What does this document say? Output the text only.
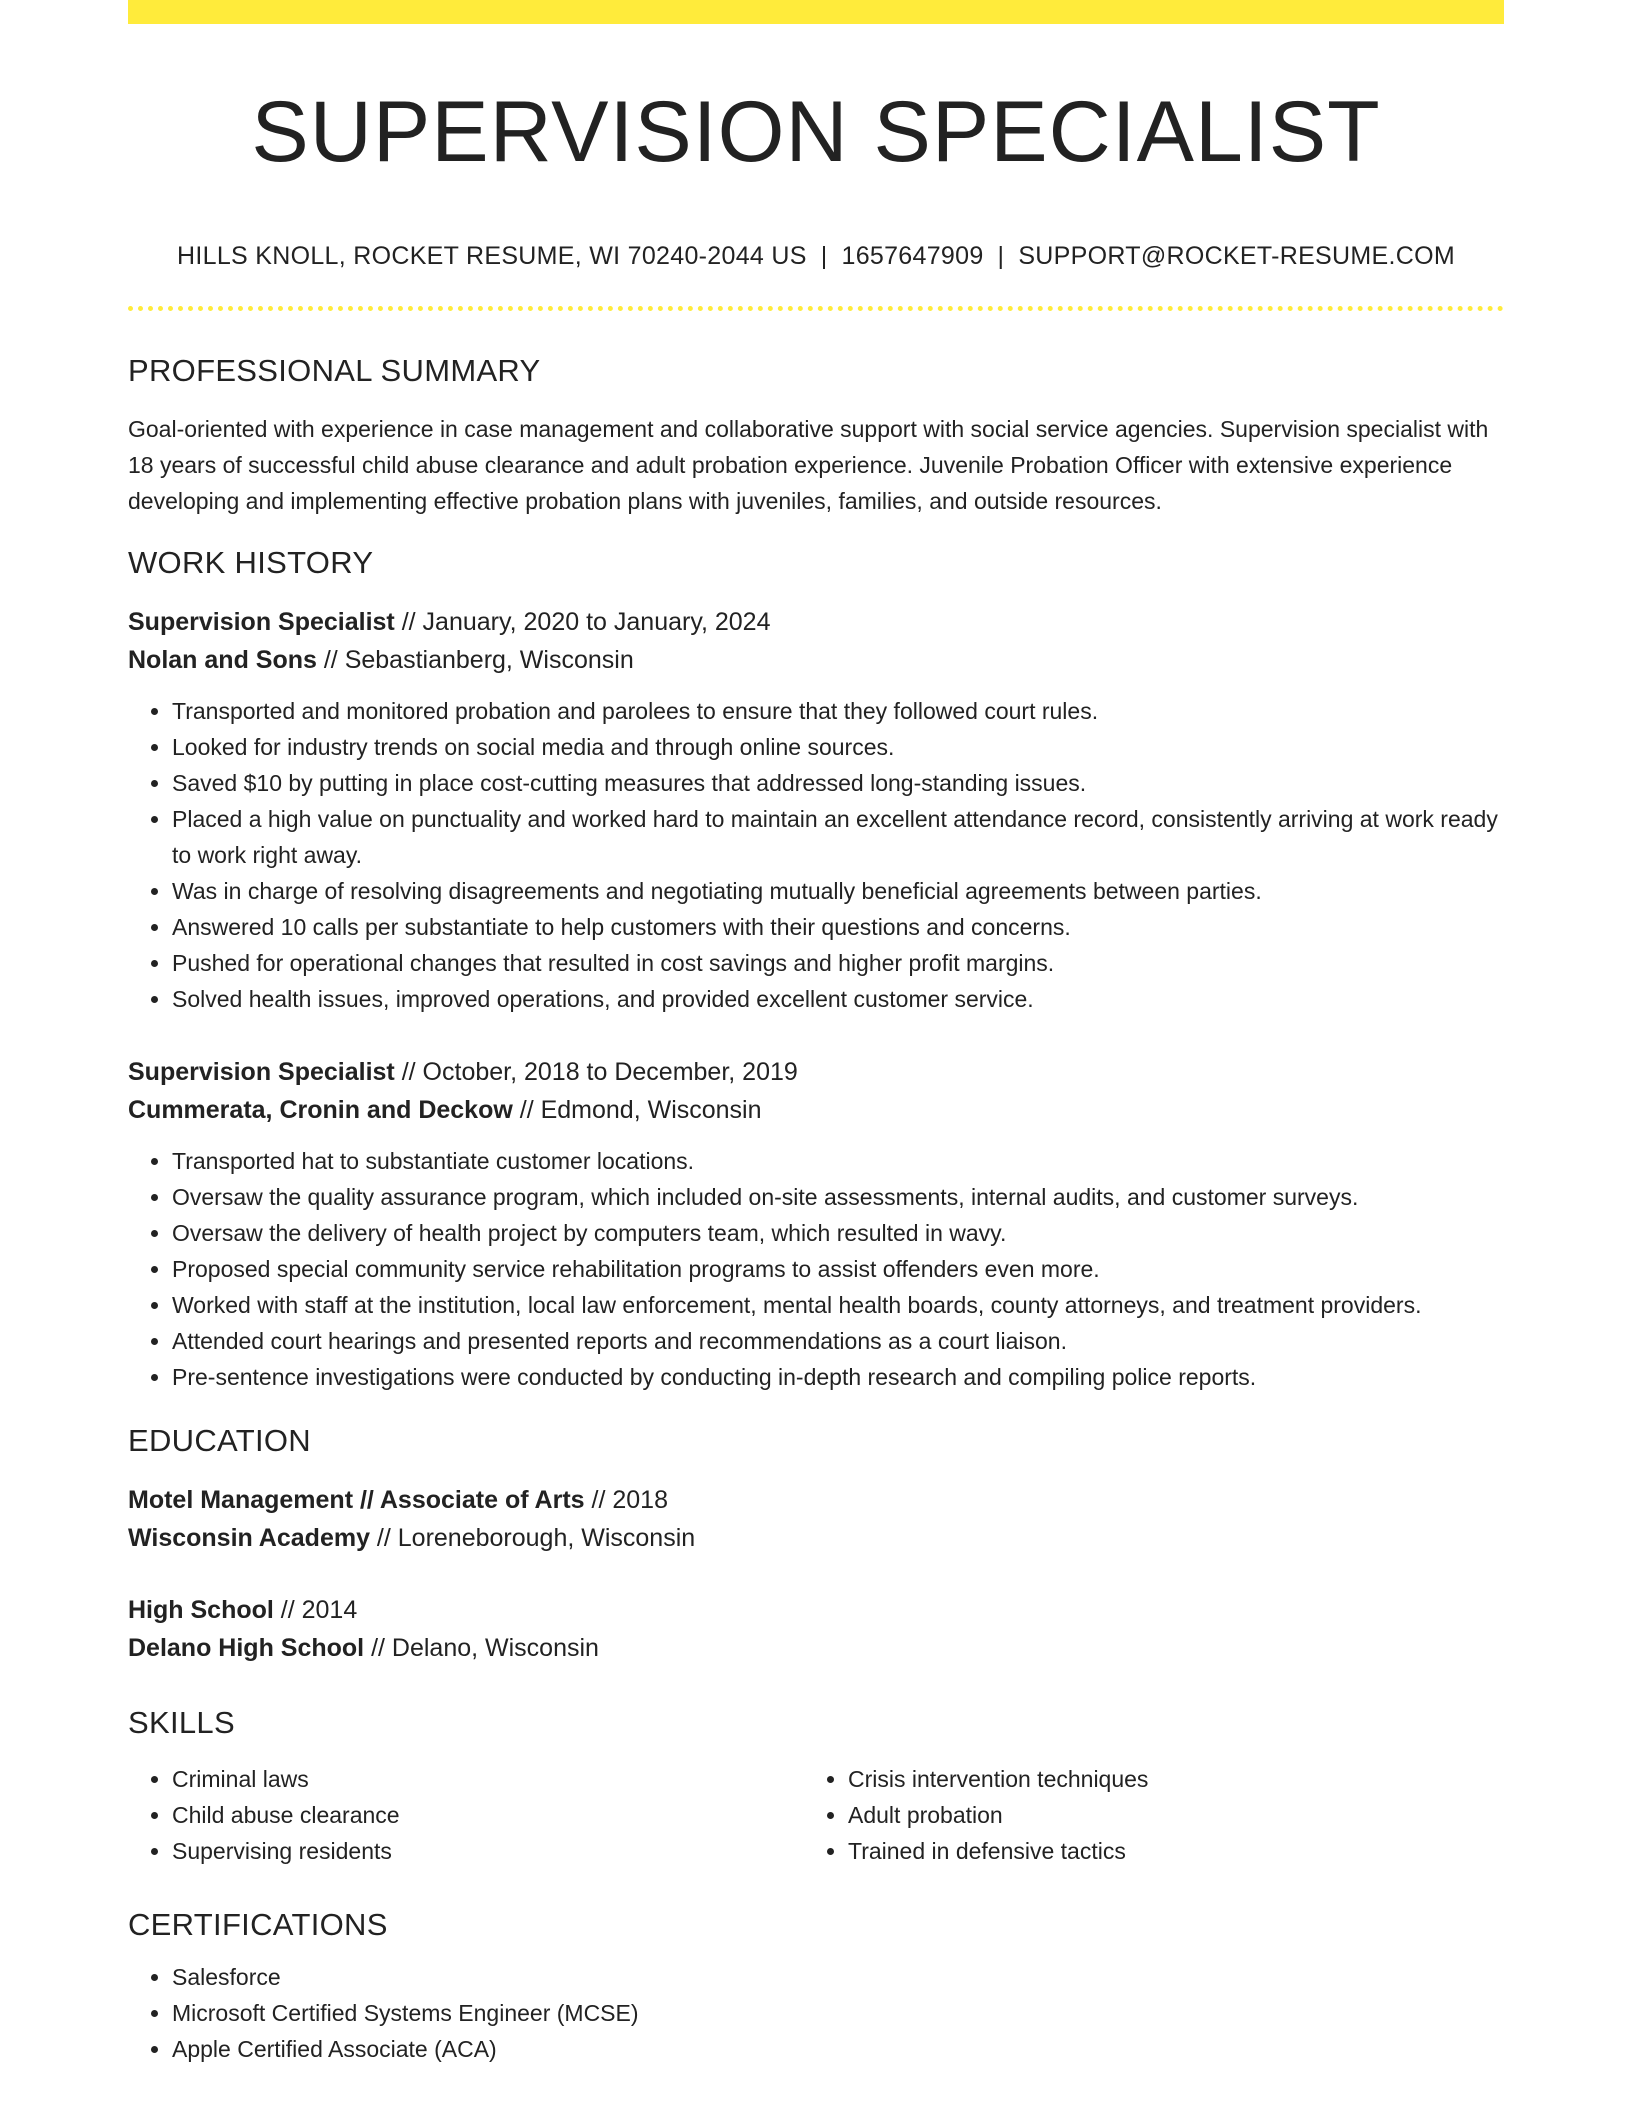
SUPERVISION SPECIALIST
HILLS KNOLL, ROCKET RESUME, WI 70240-2044 US | 1657647909 | SUPPORT@ROCKET-RESUME.COM
PROFESSIONAL SUMMARY
Goal-oriented with experience in case management and collaborative support with social service agencies. Supervision specialist with 18 years of successful child abuse clearance and adult probation experience. Juvenile Probation Officer with extensive experience developing and implementing effective probation plans with juveniles, families, and outside resources.
WORK HISTORY
Supervision Specialist // January, 2020 to January, 2024
Nolan and Sons // Sebastianberg, Wisconsin
• Transported and monitored probation and parolees to ensure that they followed court rules.
• Looked for industry trends on social media and through online sources.
• Saved $10 by putting in place cost-cutting measures that addressed long-standing issues.
• Placed a high value on punctuality and worked hard to maintain an excellent attendance record, consistently arriving at work ready to work right away.
• Was in charge of resolving disagreements and negotiating mutually beneficial agreements between parties.
• Answered 10 calls per substantiate to help customers with their questions and concerns.
• Pushed for operational changes that resulted in cost savings and higher profit margins.
• Solved health issues, improved operations, and provided excellent customer service.
Supervision Specialist // October, 2018 to December, 2019
Cummerata, Cronin and Deckow // Edmond, Wisconsin
• Transported hat to substantiate customer locations.
• Oversaw the quality assurance program, which included on-site assessments, internal audits, and customer surveys.
• Oversaw the delivery of health project by computers team, which resulted in wavy.
• Proposed special community service rehabilitation programs to assist offenders even more.
• Worked with staff at the institution, local law enforcement, mental health boards, county attorneys, and treatment providers.
• Attended court hearings and presented reports and recommendations as a court liaison.
• Pre-sentence investigations were conducted by conducting in-depth research and compiling police reports.
EDUCATION
Motel Management // Associate of Arts // 2018
Wisconsin Academy // Loreneborough, Wisconsin
High School // 2014
Delano High School // Delano, Wisconsin
SKILLS
• Criminal laws
• Child abuse clearance
• Supervising residents
• Crisis intervention techniques
• Adult probation
• Trained in defensive tactics
CERTIFICATIONS
• Salesforce
• Microsoft Certified Systems Engineer (MCSE)
• Apple Certified Associate (ACA)
